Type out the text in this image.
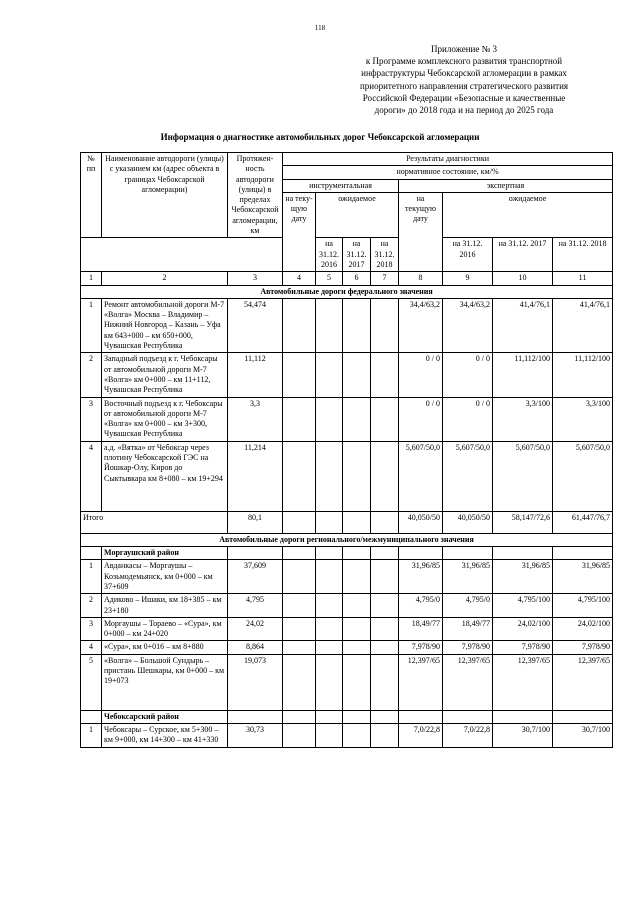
118
Приложение № 3
к Программе комплексного развития транспортной
инфраструктуры Чебоксарской агломерации в рамках
приоритетного направления стратегического развития
Российской Федерации «Безопасные и качественные
дороги» до 2018 года и на период до 2025 года
Информация о диагностике автомобильных дорог Чебоксарской агломерации
№ пп	Наименование автодороги (улицы) с указанием км (адрес объекта в границах Чебоксарской агломерации)	Протяжен-ность автодороги (улицы) в пределах Чебоксарской агломерации, км	Результаты диагностики							
			нормативное состояние, км/%							
			инструментальная				экспертная			
			на теку-щую дату	ожидаемое			на текущую дату	ожидаемое		
				на 31.12. 2016	на 31.12. 2017	на 31.12. 2018		на 31.12. 2016	на 31.12. 2017	на 31.12. 2018
1	2	3	4	5	6	7	8	9	10	11
Автомобильные дороги федерального значения										
1	Ремонт автомобильной дороги М-7 «Волга» Москва – Владимир – Нижний Новгород – Казань – Уфа км 643+000 – км 650+000, Чувашская Республика	54,474					34,4/63,2	34,4/63,2	41,4/76,1	41,4/76,1
2	Западный подъезд к г. Чебоксары от автомобильной дороги М-7 «Волга» км 0+000 – км 11+112, Чувашская Республика	11,112					0 / 0	0 / 0	11,112/100	11,112/100
3	Восточный подъезд к г. Чебоксары от автомобильной дороги М-7 «Волга» км 0+000 – км 3+300, Чувашская Республика	3,3					0 / 0	0 / 0	3,3/100	3,3/100
4	а.д. «Вятка» от Чебоксар через плотину Чебоксарской ГЭС на Йошкар-Олу, Киров до Сыктывкара км 8+080 – км 19+294	11,214					5,607/50,0	5,607/50,0	5,607/50,0	5,607/50,0
Итого		80,1					40,050/50	40,050/50	58,147/72,6	61,447/76,7
Автомобильные дороги регионального/межмуниципального значения										
	Моргаушский район									
1	Авданкасы – Моргаушы – Козьмодемьянск, км 0+000 – км 37+609	37,609					31,96/85	31,96/85	31,96/85	31,96/85
2	Адиково – Ишаки, км 18+385 – км 23+180	4,795					4,795/0	4,795/0	4,795/100	4,795/100
3	Моргаушы – Тораево – «Сура», км 0+000 – км 24+020	24,02					18,49/77	18,49/77	24,02/100	24,02/100
4	«Сура», км 0+016 – км 8+880	8,864					7,978/90	7,978/90	7,978/90	7,978/90
5	«Волга» – Большой Сундырь – пристань Шешкары, км 0+000 – км 19+073	19,073					12,397/65	12,397/65	12,397/65	12,397/65
	Чебоксарский район									
1	Чебоксары – Сурское, км 5+300 – км 9+000, км 14+300 – км 41+330	30,73					7,0/22,8	7,0/22,8	30,7/100	30,7/100
